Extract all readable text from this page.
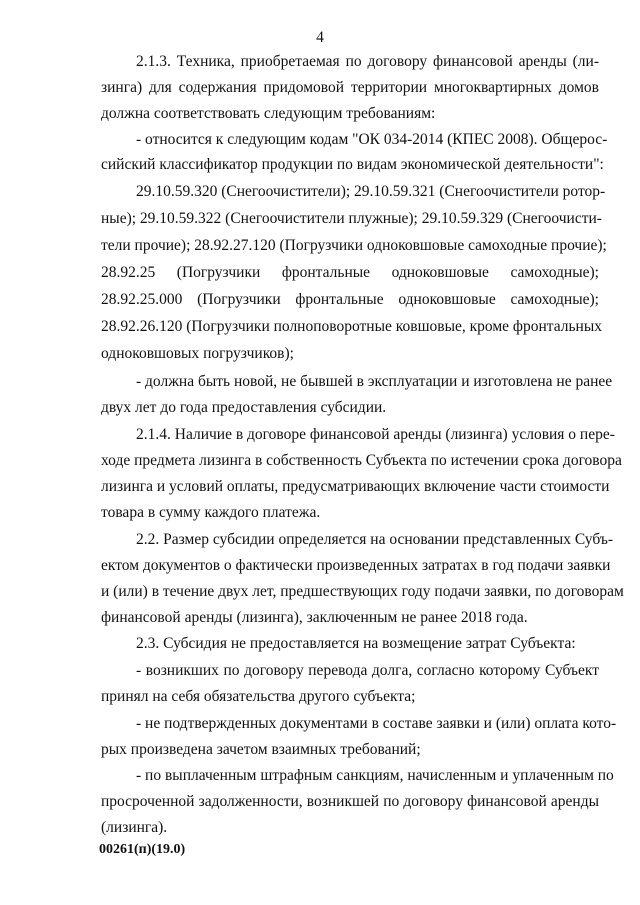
4
2.1.3. Техника, приобретаемая по договору финансовой аренды (ли-
зинга) для содержания придомовой территории многоквартирных домов
должна соответствовать следующим требованиям:
- относится к следующим кодам "ОК 034-2014 (КПЕС 2008). Общерос-
сийский классификатор продукции по видам экономической деятельности":
29.10.59.320 (Снегоочистители); 29.10.59.321 (Снегоочистители ротор-
ные); 29.10.59.322 (Снегоочистители плужные); 29.10.59.329 (Снегоочисти-
тели прочие); 28.92.27.120 (Погрузчики одноковшовые самоходные прочие);
28.92.25 (Погрузчики фронтальные одноковшовые самоходные);
28.92.25.000 (Погрузчики фронтальные одноковшовые самоходные);
28.92.26.120 (Погрузчики полноповоротные ковшовые, кроме фронтальных
одноковшовых погрузчиков);
- должна быть новой, не бывшей в эксплуатации и изготовлена не ранее
двух лет до года предоставления субсидии.
2.1.4. Наличие в договоре финансовой аренды (лизинга) условия о пере-
ходе предмета лизинга в собственность Субъекта по истечении срока договора
лизинга и условий оплаты, предусматривающих включение части стоимости
товара в сумму каждого платежа.
2.2. Размер субсидии определяется на основании представленных Субъ-
ектом документов о фактически произведенных затратах в год подачи заявки
и (или) в течение двух лет, предшествующих году подачи заявки, по договорам
финансовой аренды (лизинга), заключенным не ранее 2018 года.
2.3. Субсидия не предоставляется на возмещение затрат Субъекта:
- возникших по договору перевода долга, согласно которому Субъект
принял на себя обязательства другого субъекта;
- не подтвержденных документами в составе заявки и (или) оплата кото-
рых произведена зачетом взаимных требований;
- по выплаченным штрафным санкциям, начисленным и уплаченным по
просроченной задолженности, возникшей по договору финансовой аренды
(лизинга).
00261(п)(19.0)
